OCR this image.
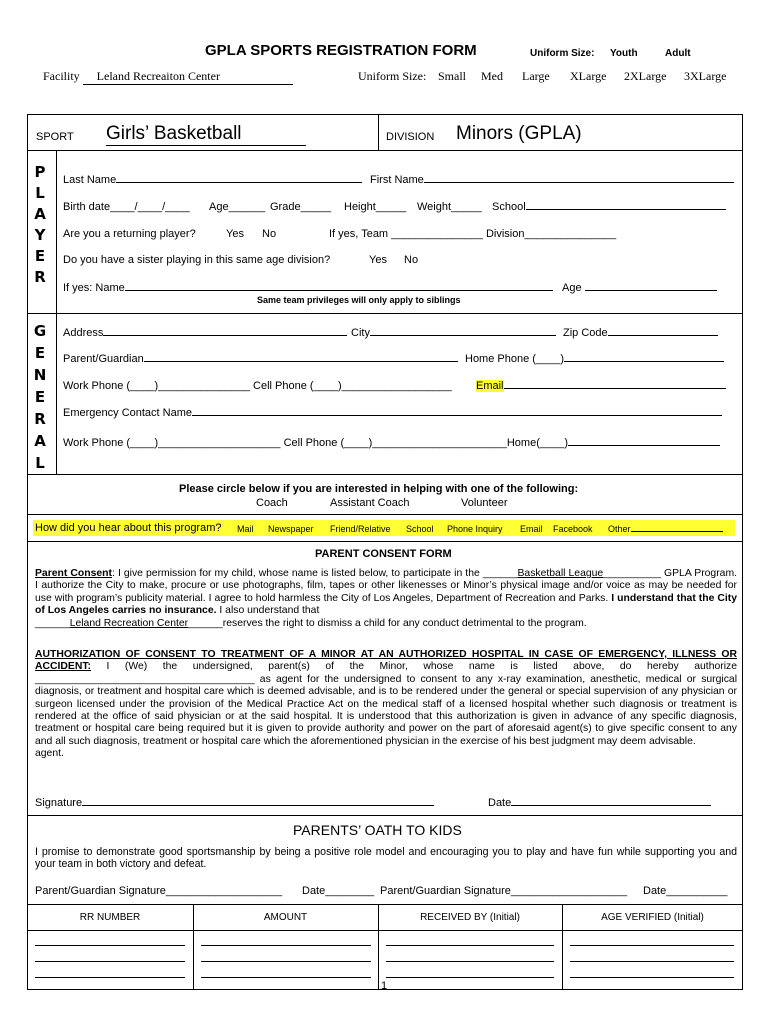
GPLA SPORTS REGISTRATION FORM	Uniform Size: Youth	Adult
Facility Leland Recreaiton Center	Uniform Size: Small Med Large XLarge 2XLarge 3XLarge
SPORT Girls’ Basketball	DIVISION Minors (GPLA)
P
L
A
Y
E
R
Last Name	First Name
Birth date____/____/____ Age______ Grade_____ Height_____ Weight_____ School
Are you a returning player?	Yes No	If yes, Team _______________ Division_______________
Do you have a sister playing in this same age division?	Yes No
If yes: Name	Age
Same team privileges will only apply to siblings
G
E
N
E
R
A
L
Address	City	Zip Code
Parent/Guardian	Home Phone (____)
Work Phone (____)_______________ Cell Phone (____)__________________ Email
Emergency Contact Name
Work Phone (____)____________________ Cell Phone (____)______________________Home(____)
Please circle below if you are interested in helping with one of the following:
Coach	Assistant Coach	Volunteer
How did you hear about this program? Mail Newspaper Friend/Relative School Phone Inquiry Email Facebook Other
PARENT CONSENT FORM
Parent Consent: I give permission for my child, whose name is listed below, to participate in the ______Basketball League__________ GPLA Program. I authorize the City to make, procure or use photographs, film, tapes or other likenesses or Minor’s physical image and/or voice as may be needed for use with program’s publicity material. I agree to hold harmless the City of Los Angeles, Department of Recreation and Parks. I understand that the City of Los Angeles carries no insurance. I also understand that
______Leland Recreation Center______reserves the right to dismiss a child for any conduct detrimental to the program.
AUTHORIZATION OF CONSENT TO TREATMENT OF A MINOR AT AN AUTHORIZED HOSPITAL IN CASE OF EMERGENCY, ILLNESS OR ACCIDENT: I (We) the undersigned, parent(s) of the Minor, whose name is listed above, do hereby authorize ______________________________________ as agent for the undersigned to consent to any x-ray examination, anesthetic, medical or surgical diagnosis, or treatment and hospital care which is deemed advisable, and is to be rendered under the general or special supervision of any physician or surgeon licensed under the provision of the Medical Practice Act on the medical staff of a licensed hospital whether such diagnosis or treatment is rendered at the office of said physician or at the said hospital. It is understood that this authorization is given in advance of any specific diagnosis, treatment or hospital care being required but it is given to provide authority and power on the part of aforesaid agent(s) to give specific consent to any and all such diagnosis, treatment or hospital care which the aforementioned physician in the exercise of his best judgment may deem advisable.
agent.
Signature	Date
PARENTS’ OATH TO KIDS
I promise to demonstrate good sportsmanship by being a positive role model and encouraging you to play and have fun while supporting you and your team in both victory and defeat.
Parent/Guardian Signature___________________ Date________ Parent/Guardian Signature___________________ Date__________
RR NUMBER	AMOUNT	RECEIVED BY (Initial)	AGE VERIFIED (Initial)
1
